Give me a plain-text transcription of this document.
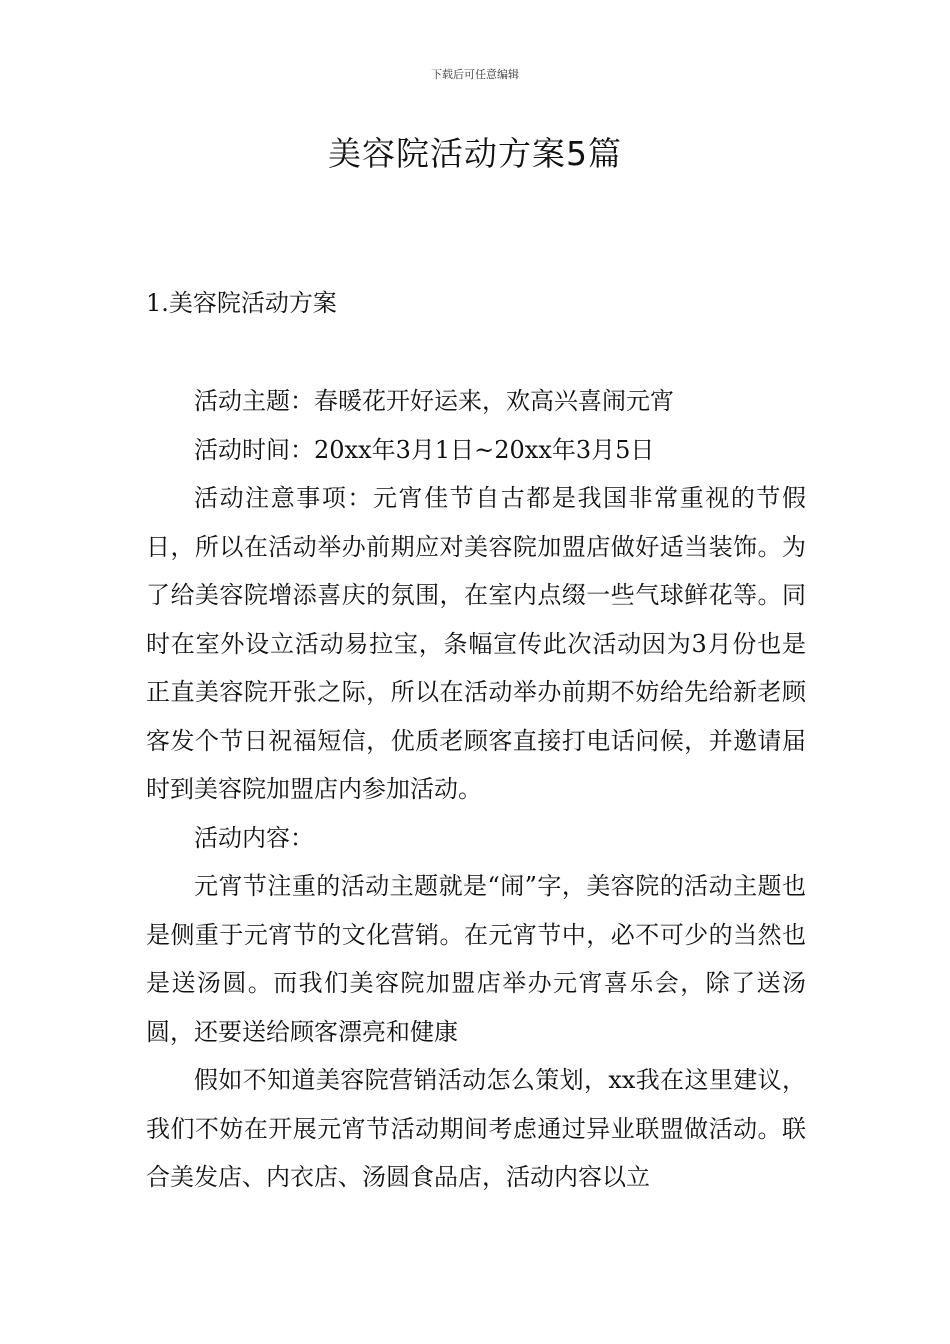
下载后可任意编辑
美容院活动方案5篇
1.美容院活动方案

活动主题：春暖花开好运来，欢高兴喜闹元宵

活动时间：20xx年3月1日~20xx年3月5日

活动注意事项：元宵佳节自古都是我国非常重视的节假日，所以在活动举办前期应对美容院加盟店做好适当装饰。为了给美容院增添喜庆的氛围，在室内点缀一些气球鲜花等。同时在室外设立活动易拉宝，条幅宣传此次活动因为3月份也是正直美容院开张之际，所以在活动举办前期不妨给先给新老顾客发个节日祝福短信，优质老顾客直接打电话问候，并邀请届时到美容院加盟店内参加活动。

活动内容：

元宵节注重的活动主题就是“闹”字，美容院的活动主题也是侧重于元宵节的文化营销。在元宵节中，必不可少的当然也是送汤圆。而我们美容院加盟店举办元宵喜乐会，除了送汤圆，还要送给顾客漂亮和健康

假如不知道美容院营销活动怎么策划，xx我在这里建议，我们不妨在开展元宵节活动期间考虑通过异业联盟做活动。联合美发店、内衣店、汤圆食品店，活动内容以立
